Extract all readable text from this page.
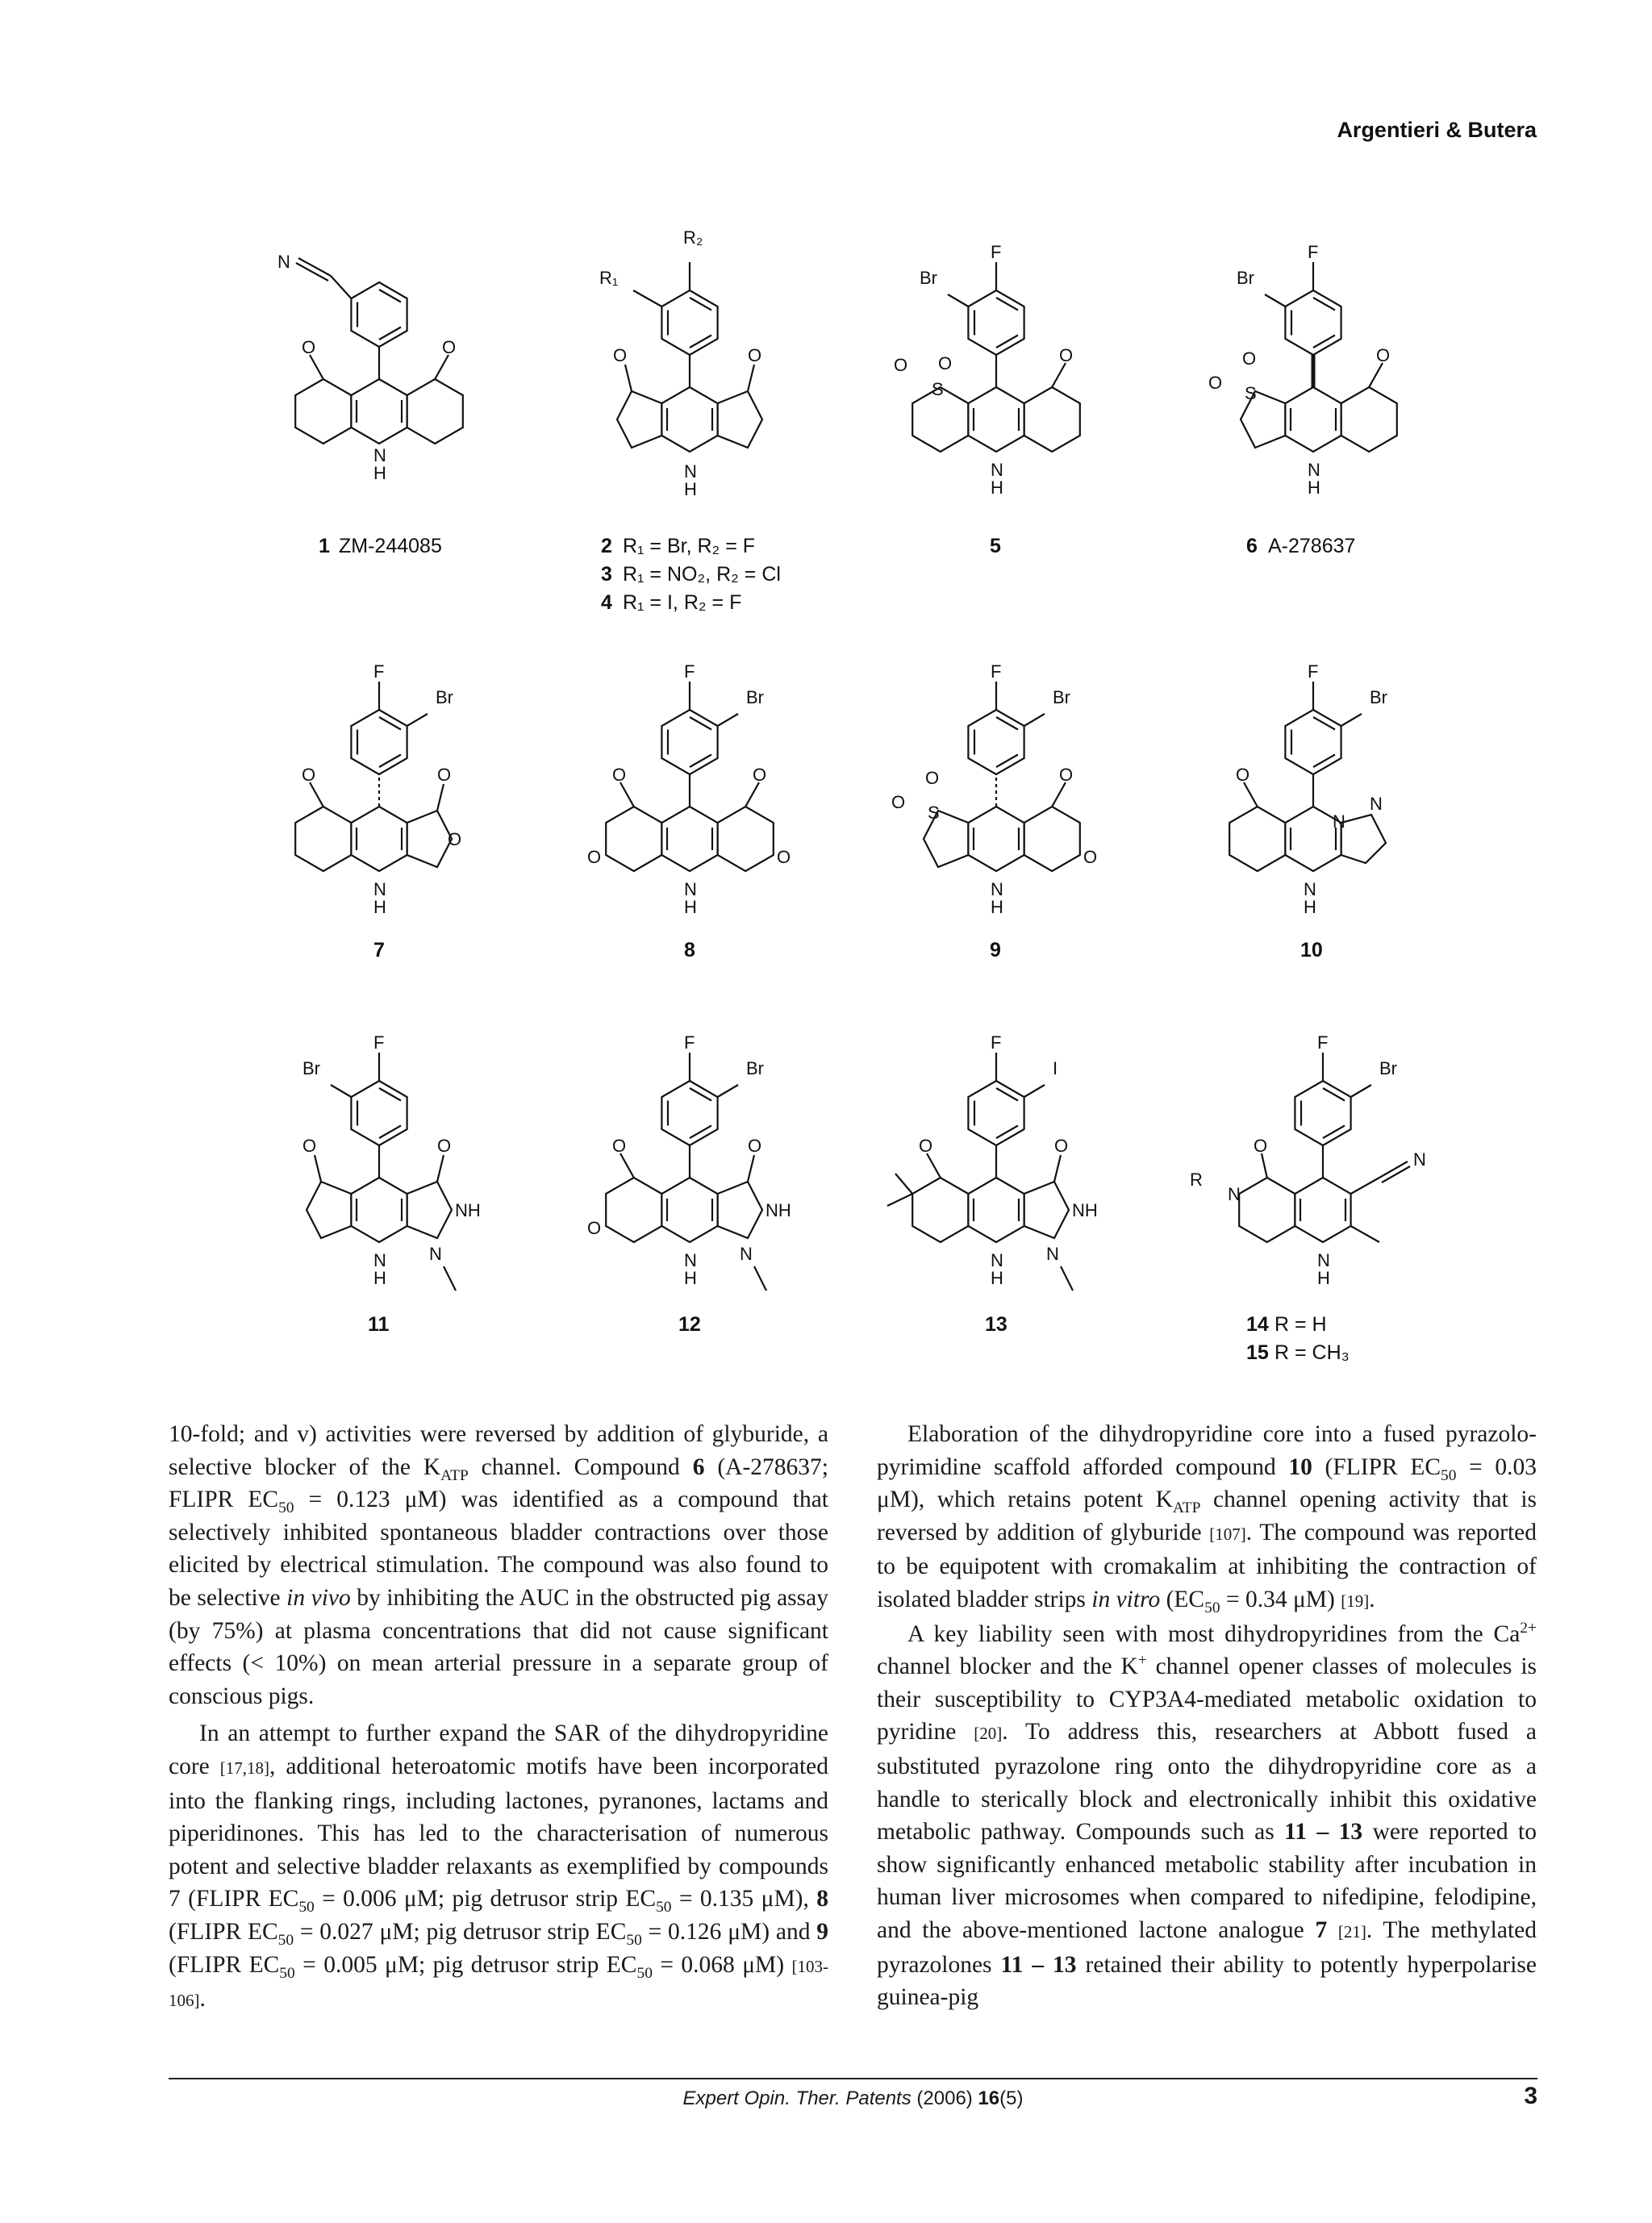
Argentieri & Butera
N
O	O
N
H
O	O
R₁
R₂
N
H
F
Br
S
O O	O
N
H
F
Br
S
O
O	O
N
H
1 ZM-244085	2 R₁ = Br, R₂ = F
3 R₁ = NO₂, R₂ = Cl
4 R₁ = I, R₂ = F
5	6 A-278637
F
Br
O	O
O
N
H
F
Br
O	O
O	O
N
H
F
Br
S
O
O	O
O
N
H
F
Br
O
N
N
N
H
7	8	9	10
F
Br
O	O
NH
N
N
H
F
Br
O	O
O
NH
N
N
H
F
I
O	O
NH
N
N
H
F
Br
O
N
R
N
N
H
11	12	13	14 R = H
15 R = CH₃

10-fold; and v) activities were reversed by addition of glyburide, a selective blocker of the $K_{ATP}$ channel. Compound 6 (A-278637; FLIPR $EC_{50} = 0.123$ μM) was identified as a compound that selectively inhibited spontaneous bladder contractions over those elicited by electrical stimulation. The compound was also found to be selective in vivo by inhibiting the AUC in the obstructed pig assay (by 75%) at plasma concentrations that did not cause significant effects (< 10%) on mean arterial pressure in a separate group of conscious pigs.

In an attempt to further expand the SAR of the dihydropyridine core [17,18], additional heteroatomic motifs have been incorporated into the flanking rings, including lactones, pyranones, lactams and piperidinones. This has led to the characterisation of numerous potent and selective bladder relaxants as exemplified by compounds 7 (FLIPR $EC_{50} = 0.006$ μM; pig detrusor strip $EC_{50} = 0.135$ μM), 8 (FLIPR $EC_{50} = 0.027$ μM; pig detrusor strip $EC_{50} = 0.126$ μM) and 9 (FLIPR $EC_{50} = 0.005$ μM; pig detrusor strip $EC_{50} = 0.068$ μM) [103-106].

Elaboration of the dihydropyridine core into a fused pyrazolo-pyrimidine scaffold afforded compound 10 (FLIPR $EC_{50} = 0.03$ μM), which retains potent $K_{ATP}$ channel opening activity that is reversed by addition of glyburide [107]. The compound was reported to be equipotent with cromakalim at inhibiting the contraction of isolated bladder strips in vitro ($EC_{50} = 0.34$ μM) [19].

A key liability seen with most dihydropyridines from the $Ca^{2+}$ channel blocker and the K+ channel opener classes of molecules is their susceptibility to CYP3A4-mediated metabolic oxidation to pyridine [20]. To address this, researchers at Abbott fused a substituted pyrazolone ring onto the dihydropyridine core as a handle to sterically block and electronically inhibit this oxidative metabolic pathway. Compounds such as 11 – 13 were reported to show significantly enhanced metabolic stability after incubation in human liver microsomes when compared to nifedipine, felodipine, and the above-mentioned lactone analogue 7 [21]. The methylated pyrazolones 11 – 13 retained their ability to potently hyperpolarise guinea-pig

Expert Opin. Ther. Patents (2006) 16(5)	3
